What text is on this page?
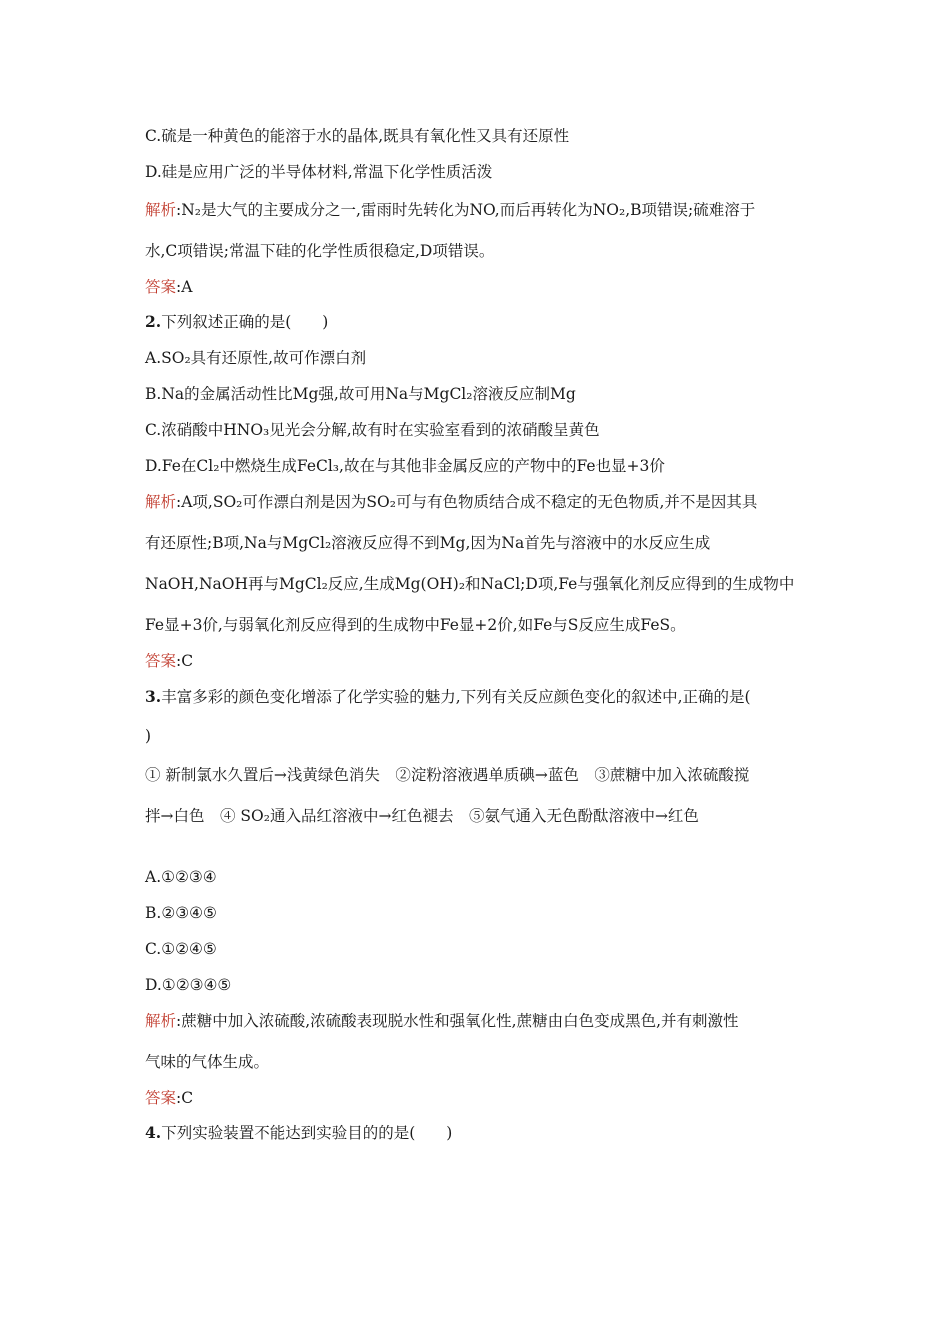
C.硫是一种黄色的能溶于水的晶体,既具有氧化性又具有还原性
D.硅是应用广泛的半导体材料,常温下化学性质活泼
解析:N₂是大气的主要成分之一,雷雨时先转化为NO,而后再转化为NO₂,B项错误;硫难溶于
水,C项错误;常温下硅的化学性质很稳定,D项错误。
答案:A
2.下列叙述正确的是(　　)
A.SO₂具有还原性,故可作漂白剂
B.Na的金属活动性比Mg强,故可用Na与MgCl₂溶液反应制Mg
C.浓硝酸中HNO₃见光会分解,故有时在实验室看到的浓硝酸呈黄色
D.Fe在Cl₂中燃烧生成FeCl₃,故在与其他非金属反应的产物中的Fe也显+3价
解析:A项,SO₂可作漂白剂是因为SO₂可与有色物质结合成不稳定的无色物质,并不是因其具
有还原性;B项,Na与MgCl₂溶液反应得不到Mg,因为Na首先与溶液中的水反应生成
NaOH,NaOH再与MgCl₂反应,生成Mg(OH)₂和NaCl;D项,Fe与强氧化剂反应得到的生成物中
Fe显+3价,与弱氧化剂反应得到的生成物中Fe显+2价,如Fe与S反应生成FeS。
答案:C
3.丰富多彩的颜色变化增添了化学实验的魅力,下列有关反应颜色变化的叙述中,正确的是(
)
① 新制氯水久置后→浅黄绿色消失　②淀粉溶液遇单质碘→蓝色　③蔗糖中加入浓硫酸搅
拌→白色　④ SO₂通入品红溶液中→红色褪去　⑤氨气通入无色酚酞溶液中→红色
A.①②③④
B.②③④⑤
C.①②④⑤
D.①②③④⑤
解析:蔗糖中加入浓硫酸,浓硫酸表现脱水性和强氧化性,蔗糖由白色变成黑色,并有刺激性
气味的气体生成。
答案:C
4.下列实验装置不能达到实验目的的是(　　)
